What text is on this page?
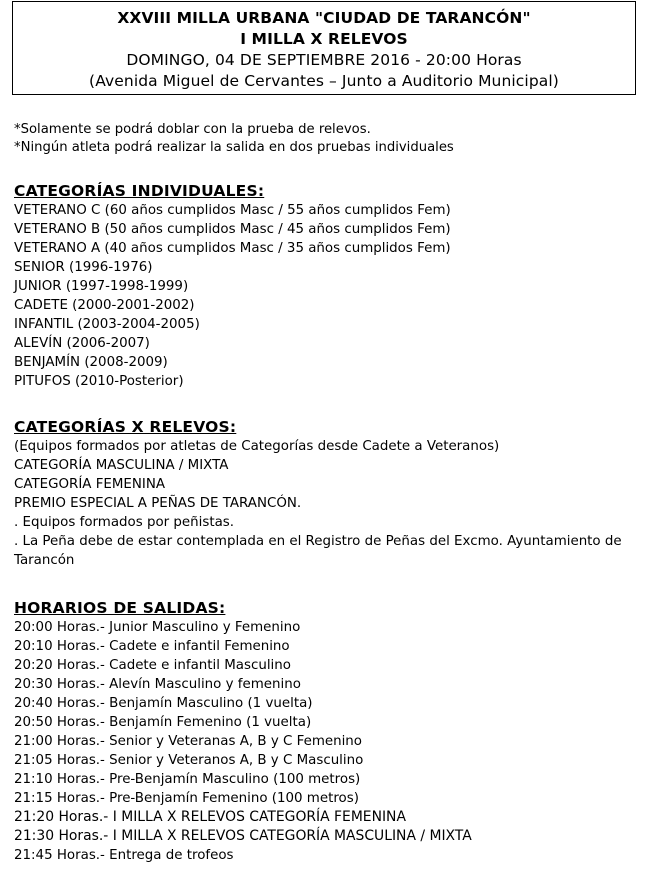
XXVIII MILLA URBANA "CIUDAD DE TARANCÓN"
I MILLA X RELEVOS
DOMINGO, 04 DE SEPTIEMBRE 2016 - 20:00 Horas
(Avenida Miguel de Cervantes – Junto a Auditorio Municipal)
*Solamente se podrá doblar con la prueba de relevos.
*Ningún atleta podrá realizar la salida en dos pruebas individuales
CATEGORÍAS INDIVIDUALES:
VETERANO C (60 años cumplidos Masc / 55 años cumplidos Fem)
VETERANO B (50 años cumplidos Masc / 45 años cumplidos Fem)
VETERANO A (40 años cumplidos Masc / 35 años cumplidos Fem)
SENIOR (1996-1976)
JUNIOR (1997-1998-1999)
CADETE (2000-2001-2002)
INFANTIL (2003-2004-2005)
ALEVÍN (2006-2007)
BENJAMÍN (2008-2009)
PITUFOS (2010-Posterior)
CATEGORÍAS X RELEVOS:
(Equipos formados por atletas de Categorías desde Cadete a Veteranos)
CATEGORÍA MASCULINA / MIXTA
CATEGORÍA FEMENINA
PREMIO ESPECIAL A PEÑAS DE TARANCÓN.
. Equipos formados por peñistas.
. La Peña debe de estar contemplada en el Registro de Peñas del Excmo. Ayuntamiento de Tarancón
HORARIOS DE SALIDAS:
20:00 Horas.- Junior Masculino y Femenino
20:10 Horas.- Cadete e infantil Femenino
20:20 Horas.- Cadete e infantil Masculino
20:30 Horas.- Alevín Masculino y femenino
20:40 Horas.- Benjamín Masculino (1 vuelta)
20:50 Horas.- Benjamín Femenino (1 vuelta)
21:00 Horas.- Senior y Veteranas A, B y C Femenino
21:05 Horas.- Senior y Veteranos A, B y C Masculino
21:10 Horas.- Pre-Benjamín Masculino (100 metros)
21:15 Horas.- Pre-Benjamín Femenino (100 metros)
21:20 Horas.- I MILLA X RELEVOS CATEGORÍA FEMENINA
21:30 Horas.- I MILLA X RELEVOS CATEGORÍA MASCULINA / MIXTA
21:45 Horas.- Entrega de trofeos
